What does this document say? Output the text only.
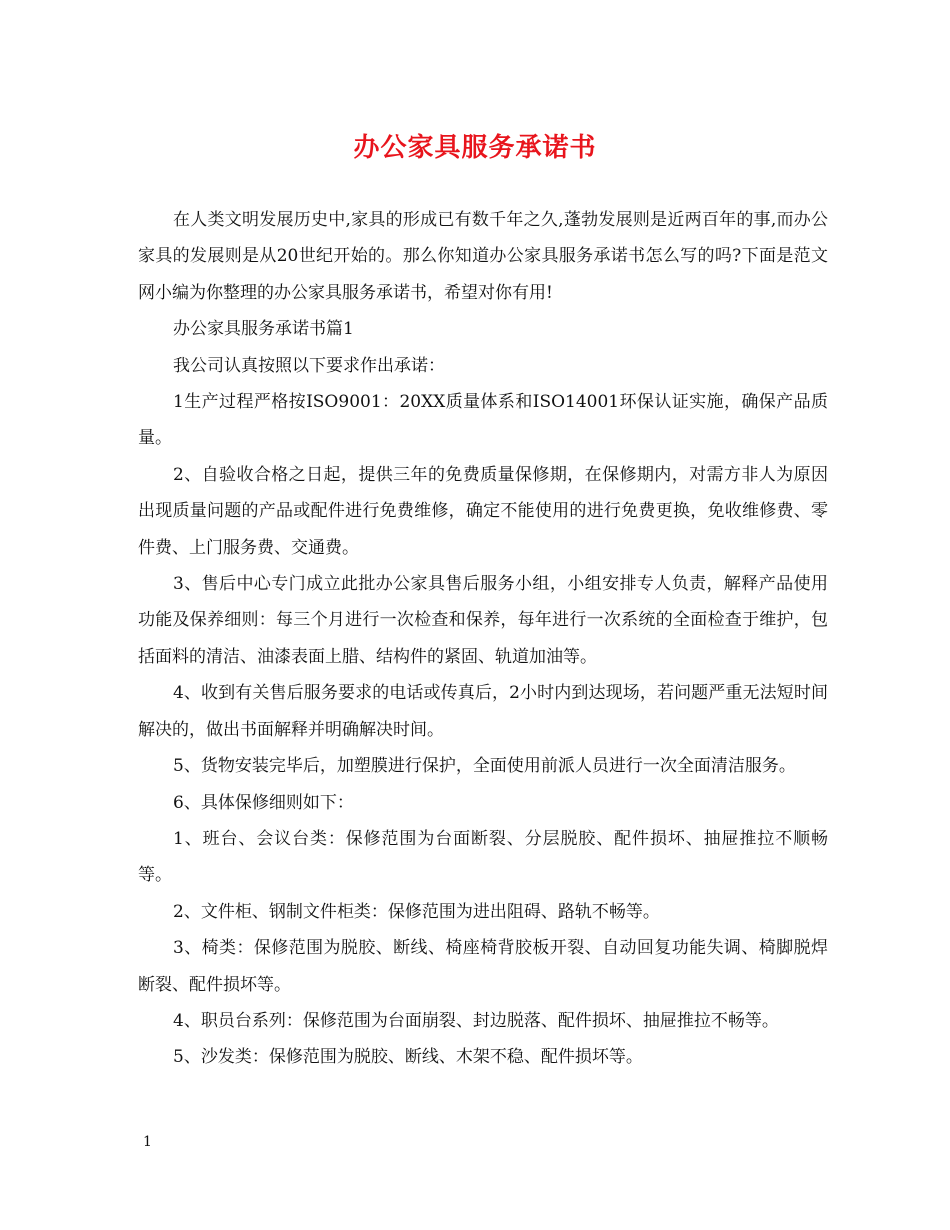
办公家具服务承诺书

在人类文明发展历史中,家具的形成已有数千年之久,蓬勃发展则是近两百年的事,而办公家具的发展则是从20世纪开始的。那么你知道办公家具服务承诺书怎么写的吗?下面是范文网小编为你整理的办公家具服务承诺书，希望对你有用!

办公家具服务承诺书篇1

我公司认真按照以下要求作出承诺：

1生产过程严格按ISO9001：20XX质量体系和ISO14001环保认证实施，确保产品质量。

2、自验收合格之日起，提供三年的免费质量保修期，在保修期内，对需方非人为原因出现质量问题的产品或配件进行免费维修，确定不能使用的进行免费更换，免收维修费、零件费、上门服务费、交通费。

3、售后中心专门成立此批办公家具售后服务小组，小组安排专人负责，解释产品使用功能及保养细则：每三个月进行一次检查和保养，每年进行一次系统的全面检查于维护，包括面料的清洁、油漆表面上腊、结构件的紧固、轨道加油等。

4、收到有关售后服务要求的电话或传真后，2小时内到达现场，若问题严重无法短时间解决的，做出书面解释并明确解决时间。

5、货物安装完毕后，加塑膜进行保护，全面使用前派人员进行一次全面清洁服务。

6、具体保修细则如下：

1、班台、会议台类：保修范围为台面断裂、分层脱胶、配件损坏、抽屉推拉不顺畅等。

2、文件柜、钢制文件柜类：保修范围为进出阻碍、路轨不畅等。

3、椅类：保修范围为脱胶、断线、椅座椅背胶板开裂、自动回复功能失调、椅脚脱焊断裂、配件损坏等。

4、职员台系列：保修范围为台面崩裂、封边脱落、配件损坏、抽屉推拉不畅等。

5、沙发类：保修范围为脱胶、断线、木架不稳、配件损坏等。

1
